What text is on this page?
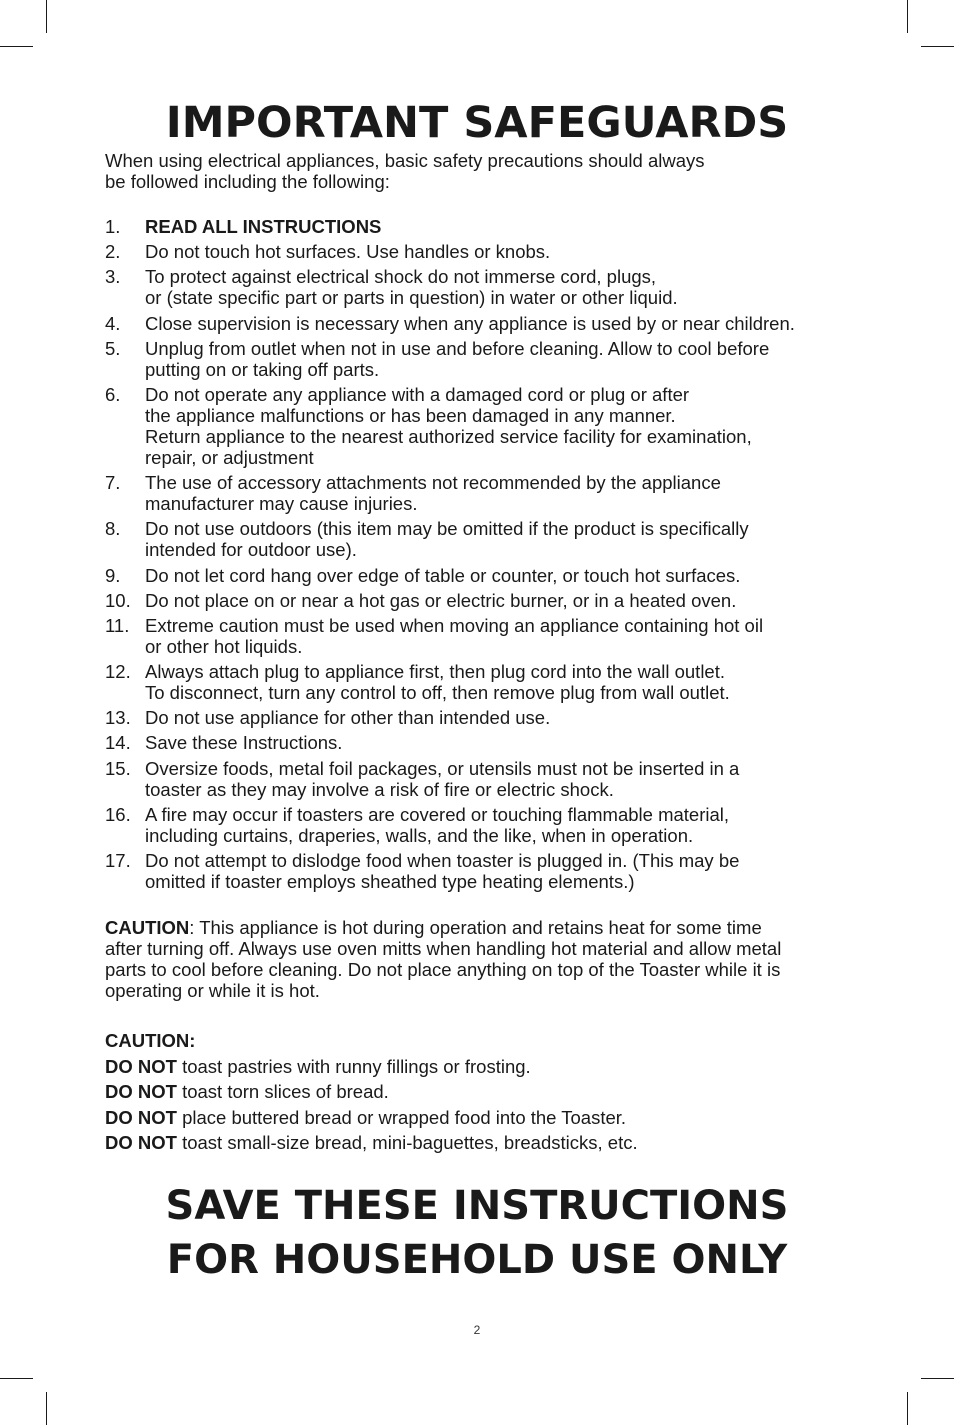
IMPORTANT SAFEGUARDS

When using electrical appliances, basic safety precautions should always
be followed including the following:

1. READ ALL INSTRUCTIONS
2. Do not touch hot surfaces. Use handles or knobs.
3. To protect against electrical shock do not immerse cord, plugs,
or (state specific part or parts in question) in water or other liquid.
4. Close supervision is necessary when any appliance is used by or near children.
5. Unplug from outlet when not in use and before cleaning. Allow to cool before
putting on or taking off parts.
6. Do not operate any appliance with a damaged cord or plug or after
the appliance malfunctions or has been damaged in any manner.
Return appliance to the nearest authorized service facility for examination,
repair, or adjustment
7. The use of accessory attachments not recommended by the appliance
manufacturer may cause injuries.
8. Do not use outdoors (this item may be omitted if the product is specifically
intended for outdoor use).
9. Do not let cord hang over edge of table or counter, or touch hot surfaces.
10. Do not place on or near a hot gas or electric burner, or in a heated oven.
11. Extreme caution must be used when moving an appliance containing hot oil
or other hot liquids.
12. Always attach plug to appliance first, then plug cord into the wall outlet.
To disconnect, turn any control to off, then remove plug from wall outlet.
13. Do not use appliance for other than intended use.
14. Save these Instructions.
15. Oversize foods, metal foil packages, or utensils must not be inserted in a
toaster as they may involve a risk of fire or electric shock.
16. A fire may occur if toasters are covered or touching flammable material,
including curtains, draperies, walls, and the like, when in operation.
17. Do not attempt to dislodge food when toaster is plugged in. (This may be
omitted if toaster employs sheathed type heating elements.)

CAUTION: This appliance is hot during operation and retains heat for some time
after turning off. Always use oven mitts when handling hot material and allow metal
parts to cool before cleaning. Do not place anything on top of the Toaster while it is
operating or while it is hot.

CAUTION:
DO NOT toast pastries with runny fillings or frosting.
DO NOT toast torn slices of bread.
DO NOT place buttered bread or wrapped food into the Toaster.
DO NOT toast small-size bread, mini-baguettes, breadsticks, etc.
SAVE THESE INSTRUCTIONS
FOR HOUSEHOLD USE ONLY
2
